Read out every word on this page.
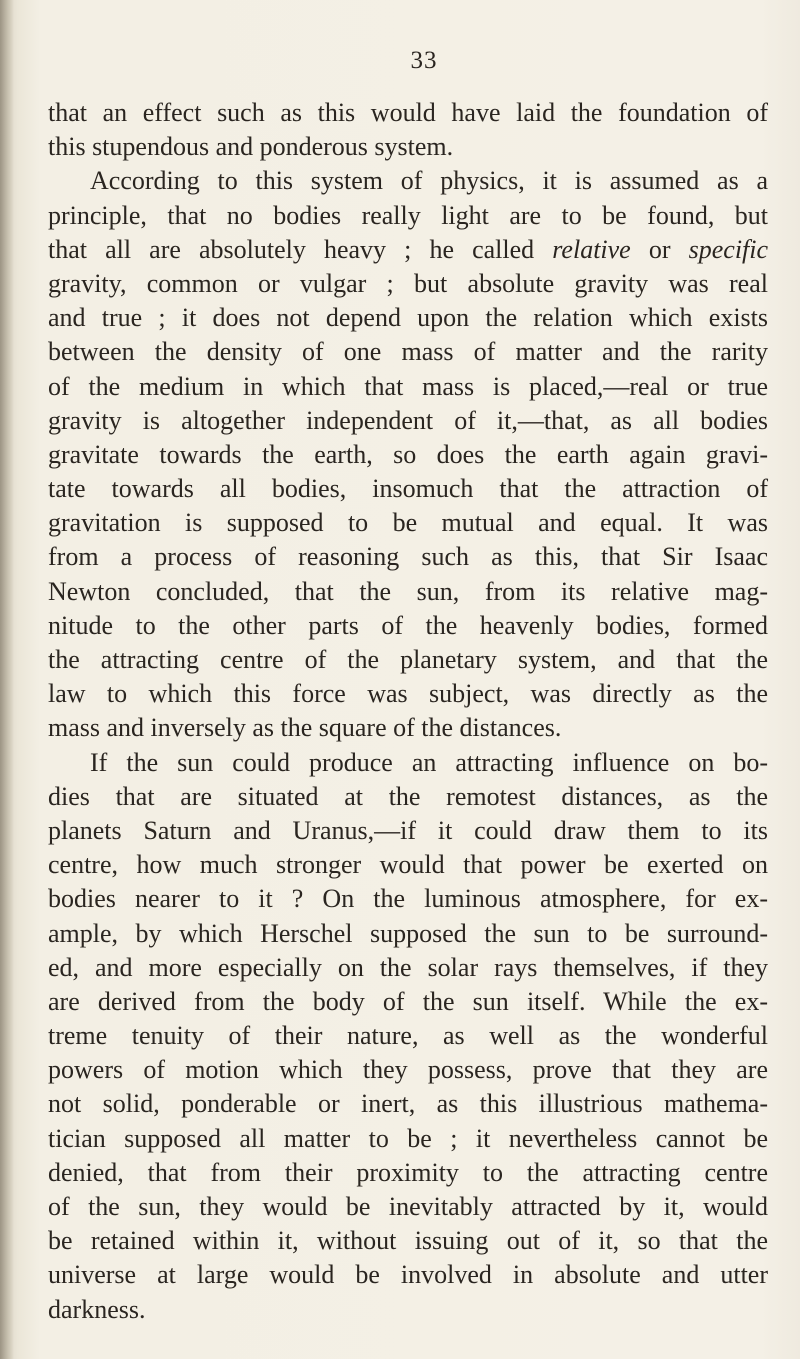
33
that an effect such as this would have laid the foundation of
this stupendous and ponderous system.
According to this system of physics, it is assumed as a
principle, that no bodies really light are to be found, but
that all are absolutely heavy ; he called relative or specific
gravity, common or vulgar ; but absolute gravity was real
and true ; it does not depend upon the relation which exists
between the density of one mass of matter and the rarity
of the medium in which that mass is placed,—real or true
gravity is altogether independent of it,—that, as all bodies
gravitate towards the earth, so does the earth again gravi-
tate towards all bodies, insomuch that the attraction of
gravitation is supposed to be mutual and equal. It was
from a process of reasoning such as this, that Sir Isaac
Newton concluded, that the sun, from its relative mag-
nitude to the other parts of the heavenly bodies, formed
the attracting centre of the planetary system, and that the
law to which this force was subject, was directly as the
mass and inversely as the square of the distances.
If the sun could produce an attracting influence on bo-
dies that are situated at the remotest distances, as the
planets Saturn and Uranus,—if it could draw them to its
centre, how much stronger would that power be exerted on
bodies nearer to it ? On the luminous atmosphere, for ex-
ample, by which Herschel supposed the sun to be surround-
ed, and more especially on the solar rays themselves, if they
are derived from the body of the sun itself. While the ex-
treme tenuity of their nature, as well as the wonderful
powers of motion which they possess, prove that they are
not solid, ponderable or inert, as this illustrious mathema-
tician supposed all matter to be ; it nevertheless cannot be
denied, that from their proximity to the attracting centre
of the sun, they would be inevitably attracted by it, would
be retained within it, without issuing out of it, so that the
universe at large would be involved in absolute and utter
darkness.
